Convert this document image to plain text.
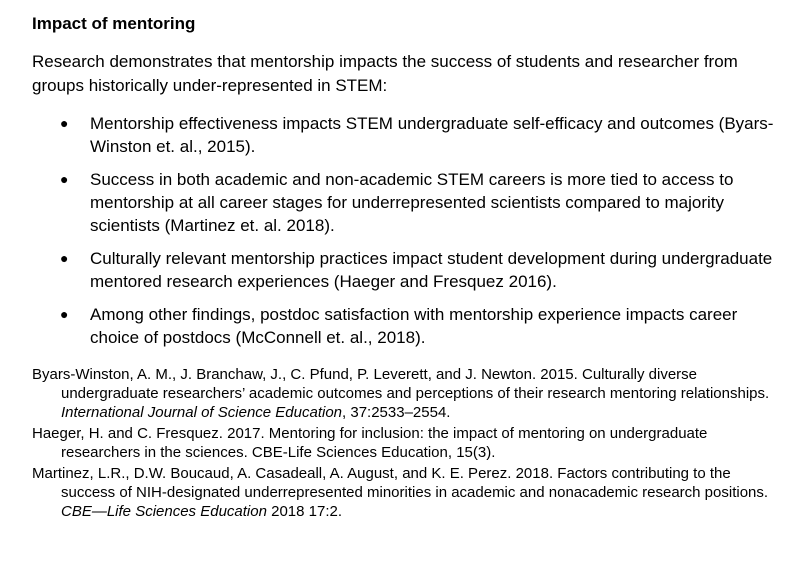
Impact of mentoring
Research demonstrates that mentorship impacts the success of students and researcher from groups historically under-represented in STEM:
● Mentorship effectiveness impacts STEM undergraduate self-efficacy and outcomes (Byars-Winston et. al., 2015).
● Success in both academic and non-academic STEM careers is more tied to access to mentorship at all career stages for underrepresented scientists compared to majority scientists (Martinez et. al. 2018).
● Culturally relevant mentorship practices impact student development during undergraduate mentored research experiences (Haeger and Fresquez 2016).
● Among other findings, postdoc satisfaction with mentorship experience impacts career choice of postdocs (McConnell et. al., 2018).

Byars-Winston, A. M., J. Branchaw, J., C. Pfund, P. Leverett, and J. Newton. 2015. Culturally diverse undergraduate researchers’ academic outcomes and perceptions of their research mentoring relationships. International Journal of Science Education, 37:2533–2554.

Haeger, H. and C. Fresquez. 2017. Mentoring for inclusion: the impact of mentoring on undergraduate researchers in the sciences. CBE-Life Sciences Education, 15(3).

Martinez, L.R., D.W. Boucaud, A. Casadeall, A. August, and K. E. Perez. 2018. Factors contributing to the success of NIH-designated underrepresented minorities in academic and nonacademic research positions. CBE—Life Sciences Education 2018 17:2.
